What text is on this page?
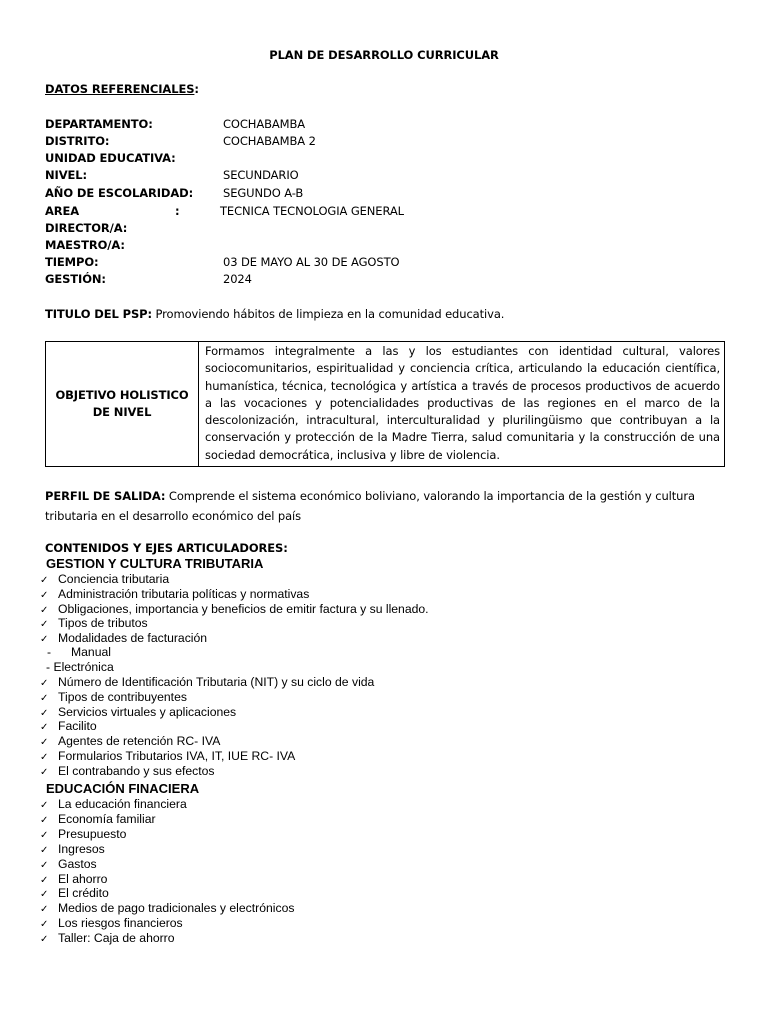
PLAN DE DESARROLLO CURRICULAR
DATOS REFERENCIALES:
DEPARTAMENTO:	COCHABAMBA
DISTRITO:	COCHABAMBA 2
UNIDAD EDUCATIVA:
NIVEL:	SECUNDARIO
AÑO DE ESCOLARIDAD:	SEGUNDO A-B
AREA	:	TECNICA TECNOLOGIA GENERAL
DIRECTOR/A:
MAESTRO/A:
TIEMPO:	03 DE MAYO AL 30 DE AGOSTO
GESTIÓN:	2024
TITULO DEL PSP: Promoviendo hábitos de limpieza en la comunidad educativa.
OBJETIVO HOLISTICO
DE NIVEL
	Formamos integralmente a las y los estudiantes con identidad cultural, valores sociocomunitarios, espiritualidad y conciencia crítica, articulando la educación científica, humanística, técnica, tecnológica y artística a través de procesos productivos de acuerdo a las vocaciones y potencialidades productivas de las regiones en el marco de la descolonización, intracultural, interculturalidad y plurilingüismo que contribuyan a la conservación y protección de la Madre Tierra, salud comunitaria y la construcción de una sociedad democrática, inclusiva y libre de violencia.
PERFIL DE SALIDA: Comprende el sistema económico boliviano, valorando la importancia de la gestión y cultura tributaria en el desarrollo económico del país
CONTENIDOS Y EJES ARTICULADORES:
GESTION Y CULTURA TRIBUTARIA
✓ Conciencia tributaria
✓ Administración tributaria políticas y normativas
✓ Obligaciones, importancia y beneficios de emitir factura y su llenado.
✓ Tipos de tributos
✓ Modalidades de facturación
- Manual
- Electrónica
✓ Número de Identificación Tributaria (NIT) y su ciclo de vida
✓ Tipos de contribuyentes
✓ Servicios virtuales y aplicaciones
✓ Facilito
✓ Agentes de retención RC- IVA
✓ Formularios Tributarios IVA, IT, IUE RC- IVA
✓ El contrabando y sus efectos
EDUCACIÓN FINACIERA
✓ La educación financiera
✓ Economía familiar
✓ Presupuesto
✓ Ingresos
✓ Gastos
✓ El ahorro
✓ El crédito
✓ Medios de pago tradicionales y electrónicos
✓ Los riesgos financieros
✓ Taller: Caja de ahorro
